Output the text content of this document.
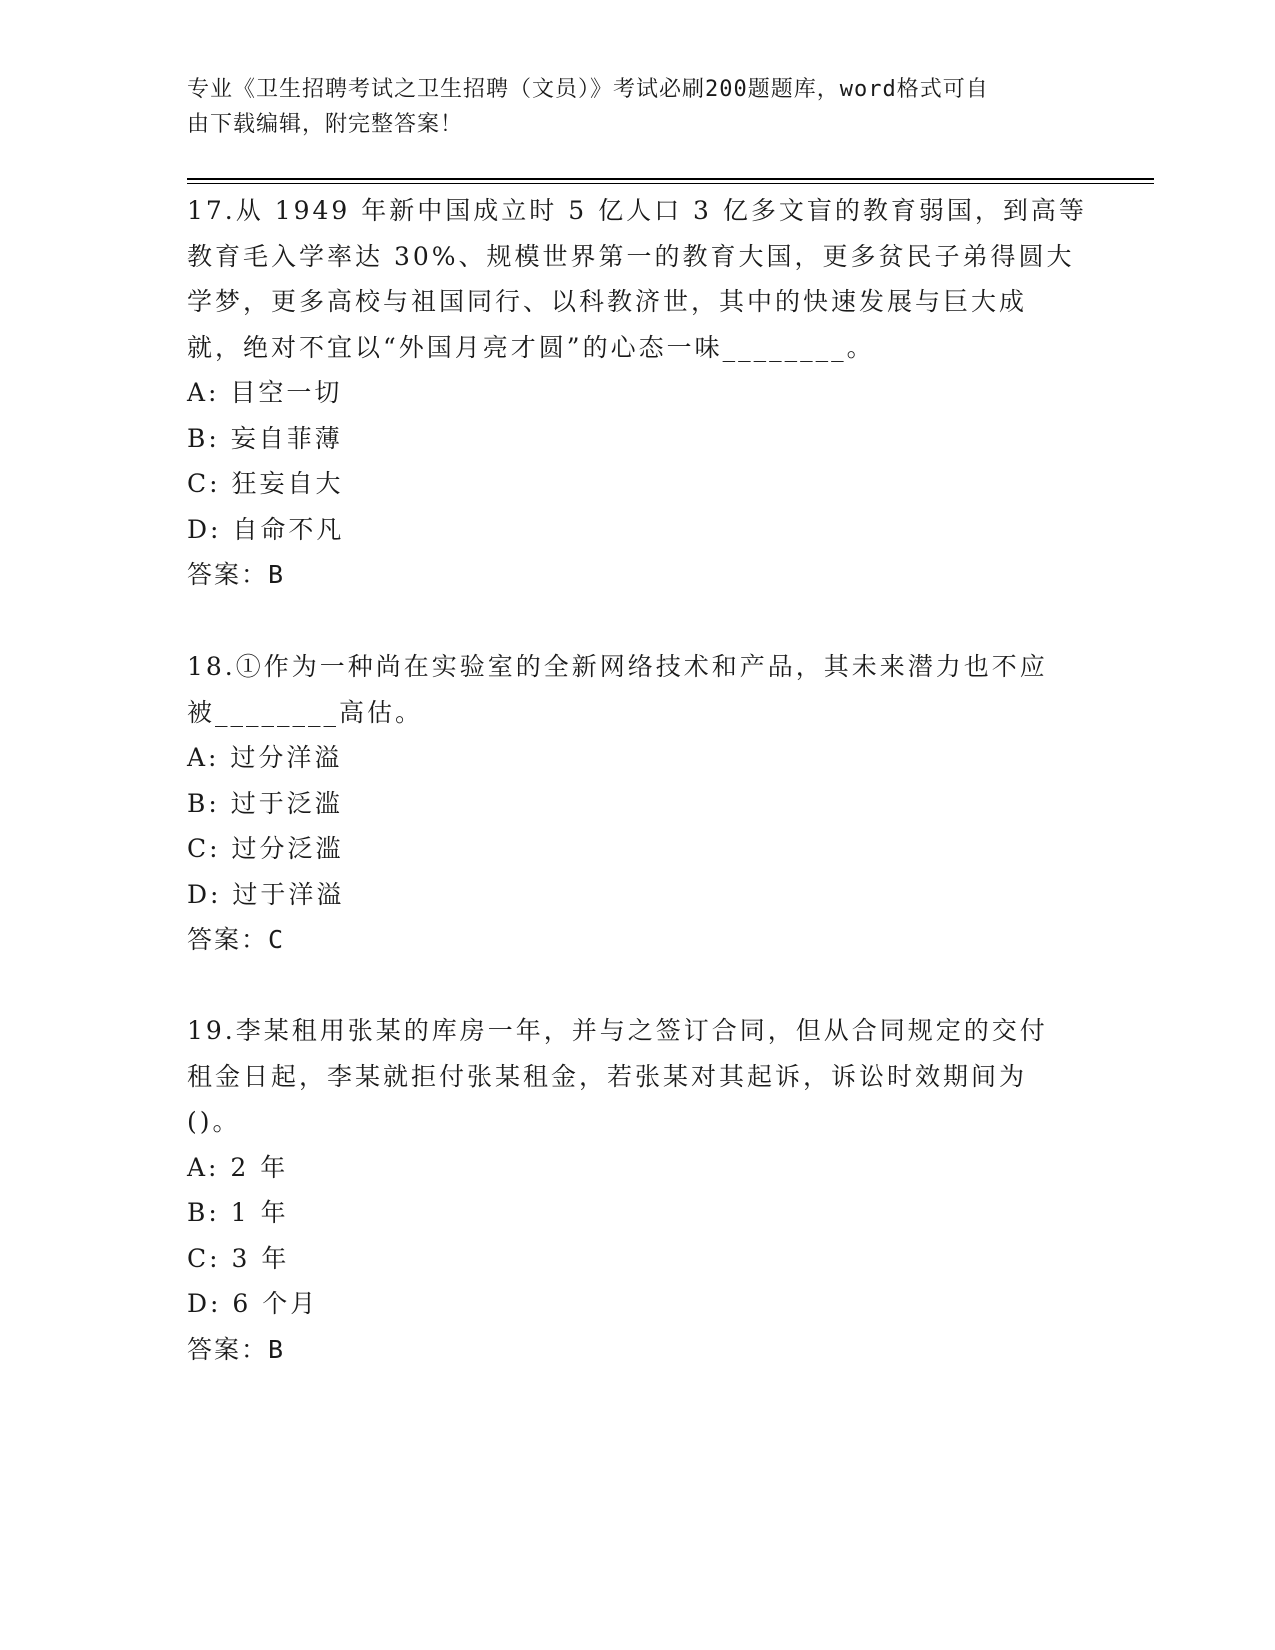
专业《卫生招聘考试之卫生招聘（文员）》考试必刷200题题库，word格式可自
由下载编辑，附完整答案！

17.从 1949 年新中国成立时 5 亿人口 3 亿多文盲的教育弱国，到高等

教育毛入学率达 30%、规模世界第一的教育大国，更多贫民子弟得圆大

学梦，更多高校与祖国同行、以科教济世，其中的快速发展与巨大成

就，绝对不宜以“外国月亮才圆”的心态一味________。

A: 目空一切

B: 妄自菲薄

C: 狂妄自大

D: 自命不凡

答案：B

18.①作为一种尚在实验室的全新网络技术和产品，其未来潜力也不应

被________高估。

A: 过分洋溢

B: 过于泛滥

C: 过分泛滥

D: 过于洋溢

答案：C

19.李某租用张某的库房一年，并与之签订合同，但从合同规定的交付

租金日起，李某就拒付张某租金，若张某对其起诉，诉讼时效期间为

()。

A: 2 年

B: 1 年

C: 3 年

D: 6 个月

答案：B
